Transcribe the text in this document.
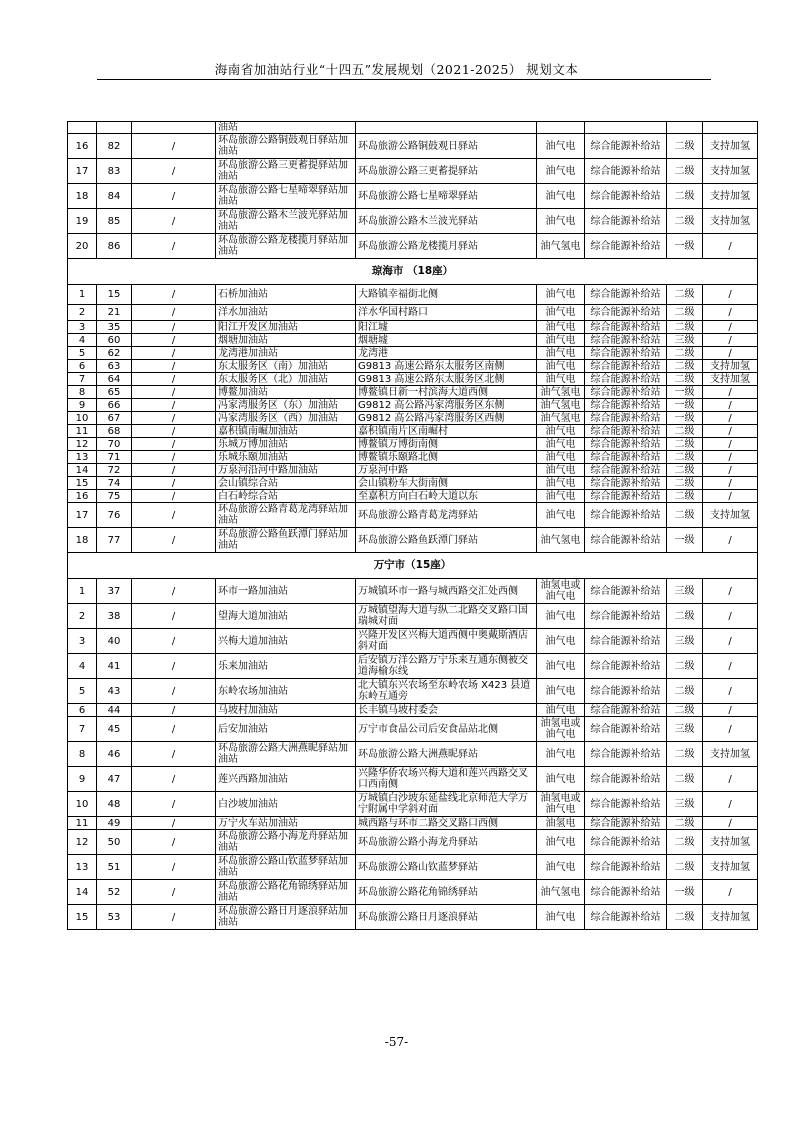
海南省加油站行业“十四五”发展规划（2021-2025） 规划文本
			油站					
16	82	/	环岛旅游公路铜鼓观日驿站加油站	环岛旅游公路铜鼓观日驿站	油气电	综合能源补给站	二级	支持加氢
17	83	/	环岛旅游公路三更蓄提驿站加油站	环岛旅游公路三更蓄提驿站	油气电	综合能源补给站	二级	支持加氢
18	84	/	环岛旅游公路七星啼翠驿站加油站	环岛旅游公路七星啼翠驿站	油气电	综合能源补给站	二级	支持加氢
19	85	/	环岛旅游公路木兰波光驿站加油站	环岛旅游公路木兰波光驿站	油气电	综合能源补给站	二级	支持加氢
20	86	/	环岛旅游公路龙楼揽月驿站加油站	环岛旅游公路龙楼揽月驿站	油气氢电	综合能源补给站	一级	/
琼海市 （18座）								
1	15	/	石桥加油站	大路镇幸福街北侧	油气电	综合能源补给站	二级	/
2	21	/	洋水加油站	洋水华国村路口	油气电	综合能源补给站	二级	/
3	35	/	阳江开发区加油站	阳江墟	油气电	综合能源补给站	二级	/
4	60	/	烟塘加油站	烟塘墟	油气电	综合能源补给站	三级	/
5	62	/	龙湾港加油站	龙湾港	油气电	综合能源补给站	二级	/
6	63	/	东太服务区（南）加油站	G9813 高速公路东太服务区南侧	油气电	综合能源补给站	二级	支持加氢
7	64	/	东太服务区（北）加油站	G9813 高速公路东太服务区北侧	油气电	综合能源补给站	二级	支持加氢
8	65	/	博鳌加油站	博鳌镇日新一村滨海大道西侧	油气氢电	综合能源补给站	一级	/
9	66	/	冯家湾服务区（东）加油站	G9812 高公路冯家湾服务区东侧	油气氢电	综合能源补给站	一级	/
10	67	/	冯家湾服务区（西）加油站	G9812 高公路冯家湾服务区西侧	油气氢电	综合能源补给站	一级	/
11	68	/	嘉积镇南崛加油站	嘉积镇南片区南崛村	油气电	综合能源补给站	二级	/
12	70	/	乐城万博加油站	博鳌镇万博街南侧	油气电	综合能源补给站	二级	/
13	71	/	乐城乐颐加油站	博鳌镇乐颐路北侧	油气电	综合能源补给站	二级	/
14	72	/	万泉河沿河中路加油站	万泉河中路	油气电	综合能源补给站	二级	/
15	74	/	会山镇综合站	会山镇粉车大街南侧	油气电	综合能源补给站	二级	/
16	75	/	白石岭综合站	至嘉积方向白石岭大道以东	油气电	综合能源补给站	二级	/
17	76	/	环岛旅游公路青葛龙湾驿站加油站	环岛旅游公路青葛龙湾驿站	油气电	综合能源补给站	二级	支持加氢
18	77	/	环岛旅游公路鱼跃潭门驿站加油站	环岛旅游公路鱼跃潭门驿站	油气氢电	综合能源补给站	一级	/
万宁市（15座）								
1	37	/	环市一路加油站	万城镇环市一路与城西路交汇处西侧	油氢电或油气电	综合能源补给站	三级	/
2	38	/	望海大道加油站	万城镇望海大道与纵二北路交叉路口国瑞城对面	油气电	综合能源补给站	二级	/
3	40	/	兴梅大道加油站	兴隆开发区兴梅大道西侧中奥戴斯酒店斜对面	油气电	综合能源补给站	三级	/
4	41	/	乐来加油站	后安镇万洋公路万宁乐来互通东侧被交道海榆东线	油气电	综合能源补给站	二级	/
5	43	/	东岭农场加油站	北大镇东兴农场至东岭农场 X423 县道东岭互通旁	油气电	综合能源补给站	二级	/
6	44	/	马坡村加油站	长丰镇马坡村委会	油气电	综合能源补给站	二级	/
7	45	/	后安加油站	万宁市食品公司后安食品站北侧	油氢电或油气电	综合能源补给站	三级	/
8	46	/	环岛旅游公路大洲燕昵驿站加油站	环岛旅游公路大洲燕昵驿站	油气电	综合能源补给站	二级	支持加氢
9	47	/	莲兴西路加油站	兴隆华侨农场兴梅大道和莲兴西路交叉口西南侧	油气电	综合能源补给站	二级	/
10	48	/	白沙坡加油站	万城镇白沙坡东延盐线北京师范大学万宁附属中学斜对面	油氢电或油气电	综合能源补给站	三级	/
11	49	/	万宁火车站加油站	城西路与环市二路交叉路口西侧	油氢电	综合能源补给站	二级	/
12	50	/	环岛旅游公路小海龙舟驿站加油站	环岛旅游公路小海龙舟驿站	油气电	综合能源补给站	二级	支持加氢
13	51	/	环岛旅游公路山钦蓝梦驿站加油站	环岛旅游公路山钦蓝梦驿站	油气电	综合能源补给站	二级	支持加氢
14	52	/	环岛旅游公路花角锦绣驿站加油站	环岛旅游公路花角锦绣驿站	油气氢电	综合能源补给站	一级	/
15	53	/	环岛旅游公路日月逐浪驿站加油站	环岛旅游公路日月逐浪驿站	油气电	综合能源补给站	二级	支持加氢
-57-
